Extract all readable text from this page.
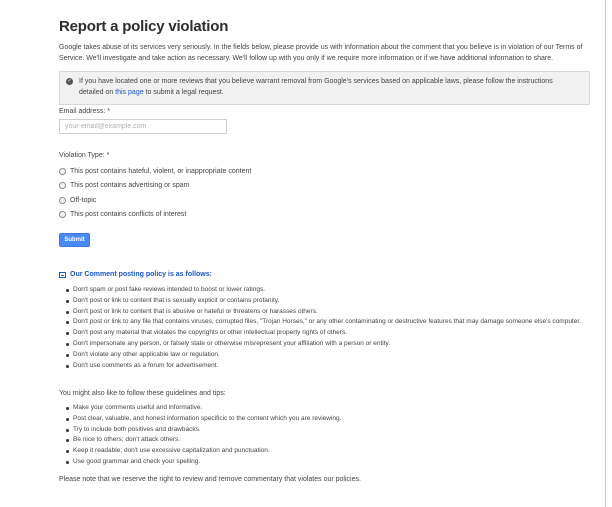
Report a policy violation
Google takes abuse of its services very seriously. In the fields below, please provide us with information about the comment that you believe is in violation of our Terms of Service. We'll investigate and take action as necessary. We'll follow up with you only if we require more information or if we have additional information to share.
✓ If you have located one or more reviews that you believe warrant removal from Google's services based on applicable laws, please follow the instructions detailed on this page to submit a legal request.
Email address: *
your-email@example.com
Violation Type: *
This post contains hateful, violent, or inappropriate content
This post contains advertising or spam
Off-topic
This post contains conflicts of interest
Submit
Our Comment posting policy is as follows:
Don't spam or post fake reviews intended to boost or lower ratings.
Don't post or link to content that is sexually explicit or contains profanity.
Don't post or link to content that is abusive or hateful or threatens or harasses others.
Don't post or link to any file that contains viruses, corrupted files, "Trojan Horses," or any other contaminating or destructive features that may damage someone else's computer.
Don't post any material that violates the copyrights or other intellectual property rights of others.
Don't impersonate any person, or falsely state or otherwise misrepresent your affiliation with a person or entity.
Don't violate any other applicable law or regulation.
Don't use comments as a forum for advertisement.
You might also like to follow these guidelines and tips:
Make your comments useful and informative.
Post clear, valuable, and honest information specificic to the content which you are reviewing.
Try to include both positives and drawbacks.
Be nice to others; don't attack others.
Keep it readable; don't use excessive capitalization and punctuation.
Use good grammar and check your spelling.
Please note that we reserve the right to review and remove commentary that violates our policies.
